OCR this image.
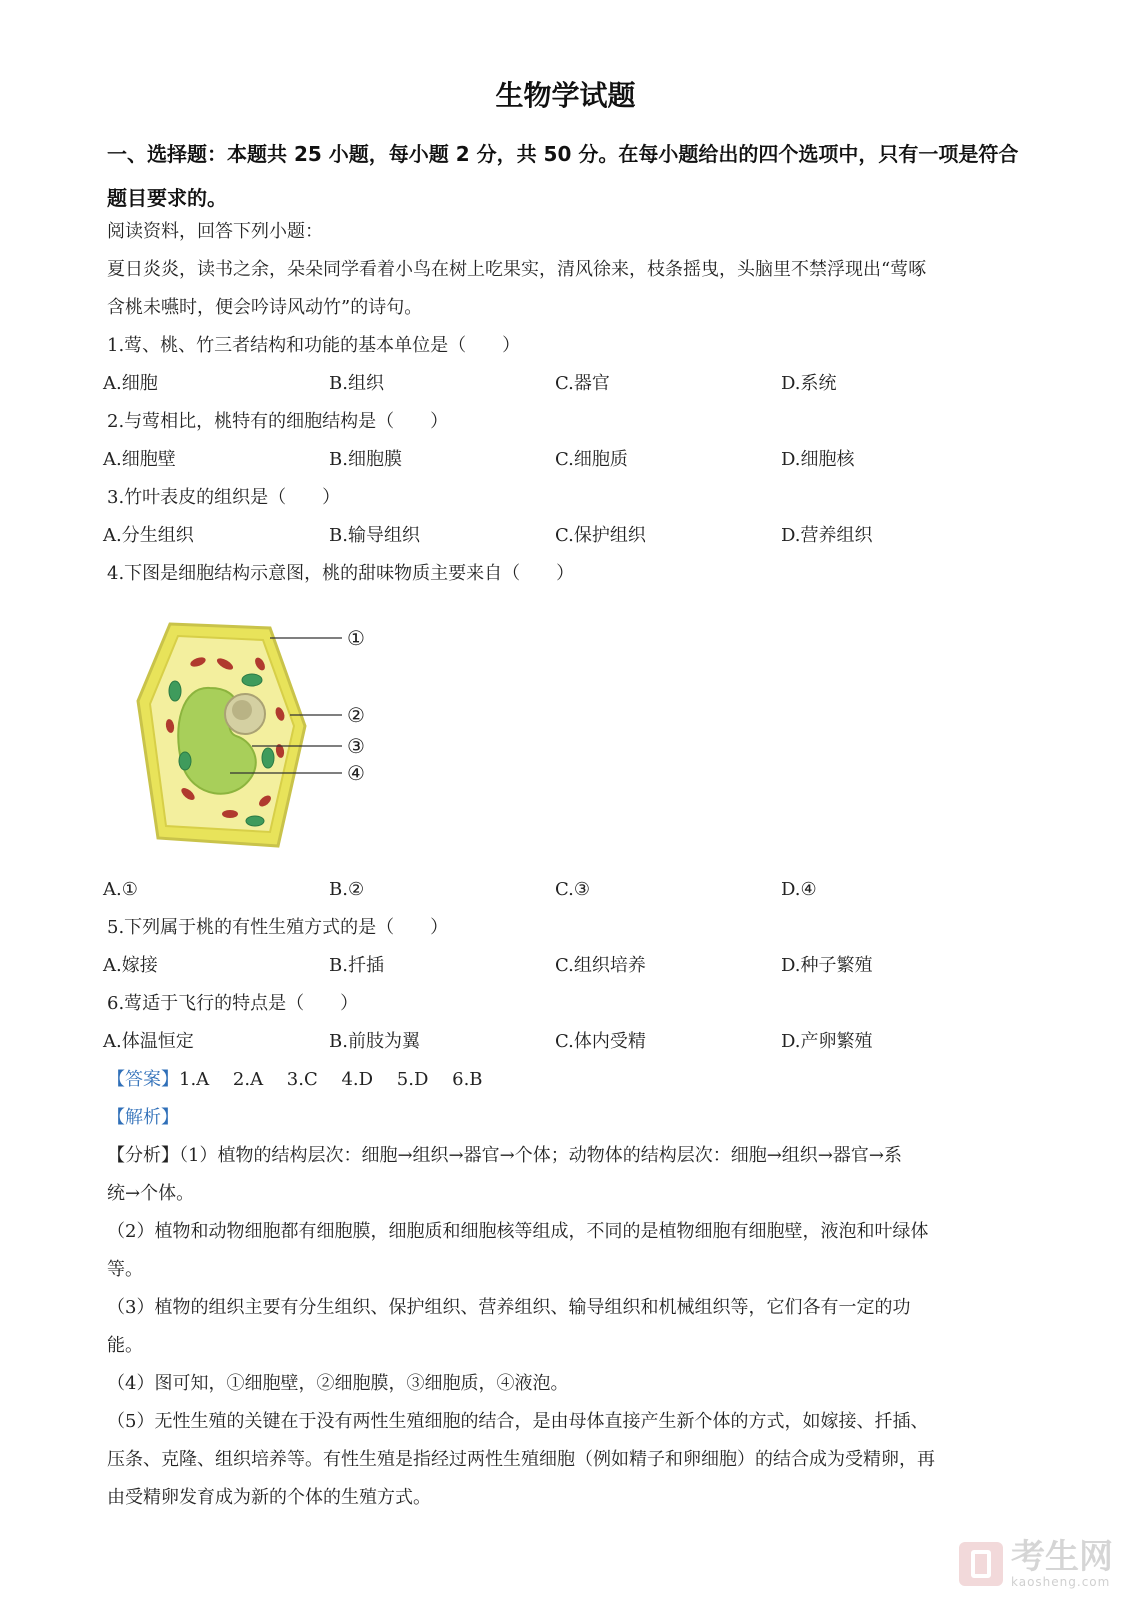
生物学试题
一、选择题：本题共 25 小题，每小题 2 分，共 50 分。在每小题给出的四个选项中，只有一项是符合题目要求的。
阅读资料，回答下列小题：
夏日炎炎，读书之余，朵朵同学看着小鸟在树上吃果实，清风徐来，枝条摇曳，头脑里不禁浮现出“莺啄
含桃未嚥时，便会吟诗风动竹”的诗句。
1.莺、桃、竹三者结构和功能的基本单位是（　　）
A.细胞	B.组织	C.器官	D.系统
2.与莺相比，桃特有的细胞结构是（　　）
A.细胞壁	B.细胞膜	C.细胞质	D.细胞核
3.竹叶表皮的组织是（　　）
A.分生组织	B.输导组织	C.保护组织	D.营养组织
4.下图是细胞结构示意图，桃的甜味物质主要来自（　　）
①
②
③
④
A.①	B.②	C.③	D.④
5.下列属于桃的有性生殖方式的是（　　）
A.嫁接	B.扦插	C.组织培养	D.种子繁殖
6.莺适于飞行的特点是（　　）
A.体温恒定	B.前肢为翼	C.体内受精	D.产卵繁殖
【答案】1.A　 2.A　 3.C　 4.D　 5.D　 6.B
【解析】
【分析】（1）植物的结构层次：细胞→组织→器官→个体；动物体的结构层次：细胞→组织→器官→系
统→个体。
（2）植物和动物细胞都有细胞膜，细胞质和细胞核等组成，不同的是植物细胞有细胞壁，液泡和叶绿体
等。
（3）植物的组织主要有分生组织、保护组织、营养组织、输导组织和机械组织等，它们各有一定的功
能。
（4）图可知，①细胞壁，②细胞膜，③细胞质，④液泡。
（5）无性生殖的关键在于没有两性生殖细胞的结合，是由母体直接产生新个体的方式，如嫁接、扦插、
压条、克隆、组织培养等。有性生殖是指经过两性生殖细胞（例如精子和卵细胞）的结合成为受精卵，再
由受精卵发育成为新的个体的生殖方式。
考生网
kaosheng.com
